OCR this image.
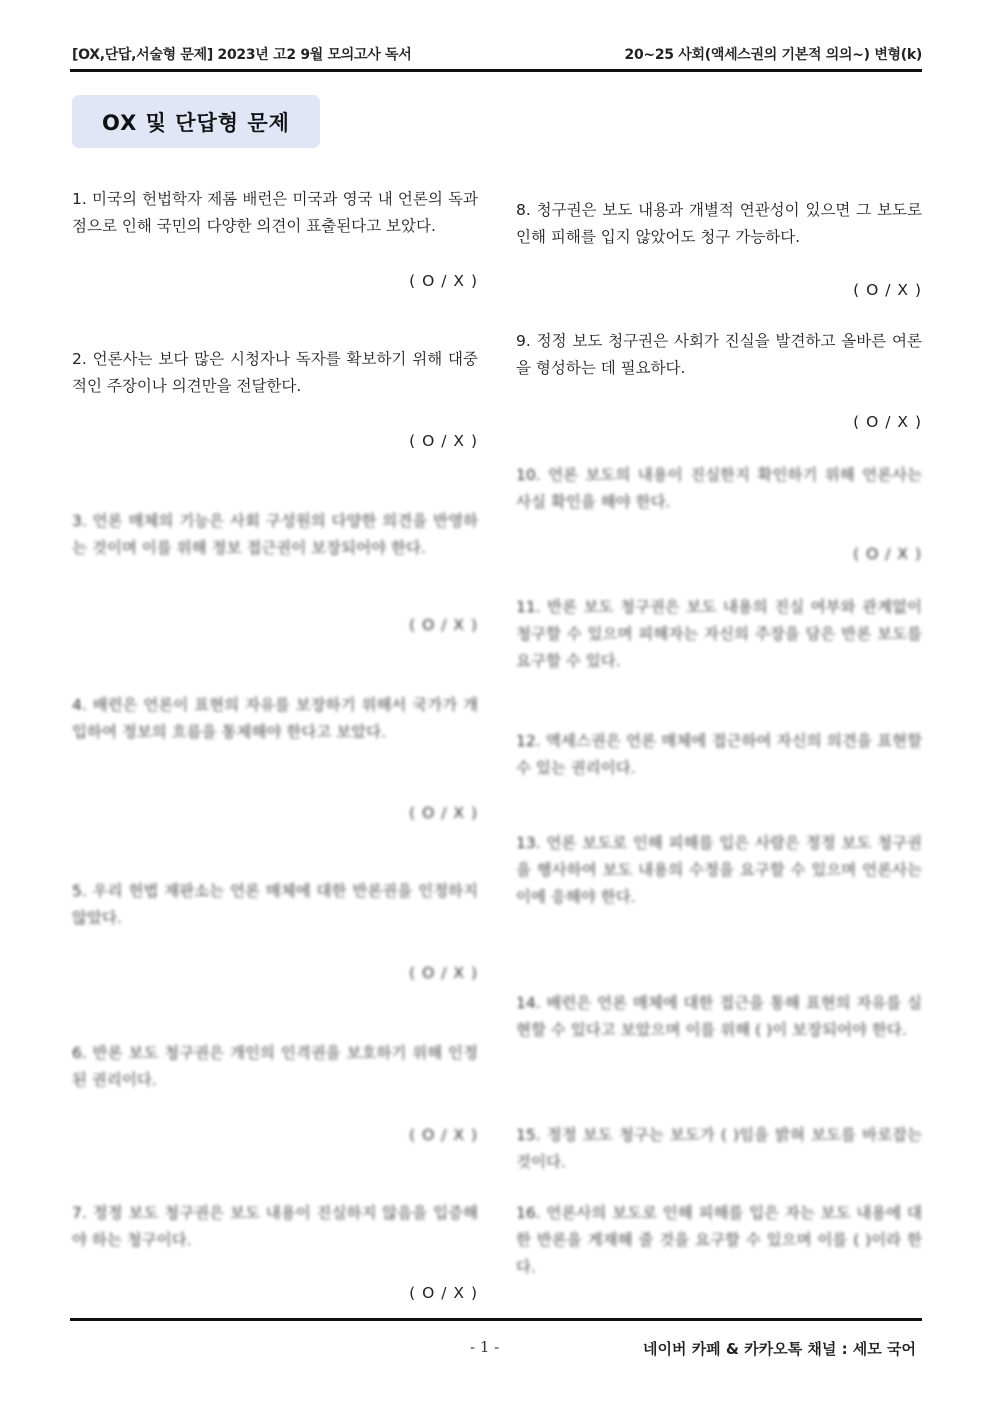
[OX,단답,서술형 문제] 2023년 고2 9월 모의고사 독서	20~25 사회(액세스권의 기본적 의의~) 변형(k)
OX 및 단답형 문제
1. 미국의 헌법학자 제롬 배런은 미국과 영국 내 언론의 독과점으로 인해 국민의 다양한 의견이 표출된다고 보았다.
( O / X )
2. 언론사는 보다 많은 시청자나 독자를 확보하기 위해 대중적인 주장이나 의견만을 전달한다.
( O / X )
3. 언론 매체의 기능은 사회 구성원의 다양한 의견을 반영하는 것이며 이를 위해 정보 접근권이 보장되어야 한다.
( O / X )
4. 배런은 언론이 표현의 자유를 보장하기 위해서 국가가 개입하여 정보의 흐름을 통제해야 한다고 보았다.
( O / X )
5. 우리 헌법 재판소는 언론 매체에 대한 반론권을 인정하지 않았다.
( O / X )
6. 반론 보도 청구권은 개인의 인격권을 보호하기 위해 인정된 권리이다.
( O / X )
7. 정정 보도 청구권은 보도 내용이 진실하지 않음을 입증해야 하는 청구이다.
( O / X )
8. 청구권은 보도 내용과 개별적 연관성이 있으면 그 보도로 인해 피해를 입지 않았어도 청구 가능하다.
( O / X )
9. 정정 보도 청구권은 사회가 진실을 발견하고 올바른 여론을 형성하는 데 필요하다.
( O / X )
10. 언론 보도의 내용이 진실한지 확인하기 위해 언론사는 사실 확인을 해야 한다.
( O / X )
11. 반론 보도 청구권은 보도 내용의 진실 여부와 관계없이 청구할 수 있으며 피해자는 자신의 주장을 담은 반론 보도를 요구할 수 있다.
12. 액세스권은 언론 매체에 접근하여 자신의 의견을 표현할 수 있는 권리이다.
13. 언론 보도로 인해 피해를 입은 사람은 정정 보도 청구권을 행사하여 보도 내용의 수정을 요구할 수 있으며 언론사는 이에 응해야 한다.
14. 배런은 언론 매체에 대한 접근을 통해 표현의 자유를 실현할 수 있다고 보았으며 이를 위해 ( )이 보장되어야 한다.
15. 정정 보도 청구는 보도가 ( )임을 밝혀 보도를 바로잡는 것이다.
16. 언론사의 보도로 인해 피해를 입은 자는 보도 내용에 대한 반론을 게재해 줄 것을 요구할 수 있으며 이를 ( )이라 한다.
- 1 -	네이버 카페 & 카카오톡 채널 : 세모 국어
